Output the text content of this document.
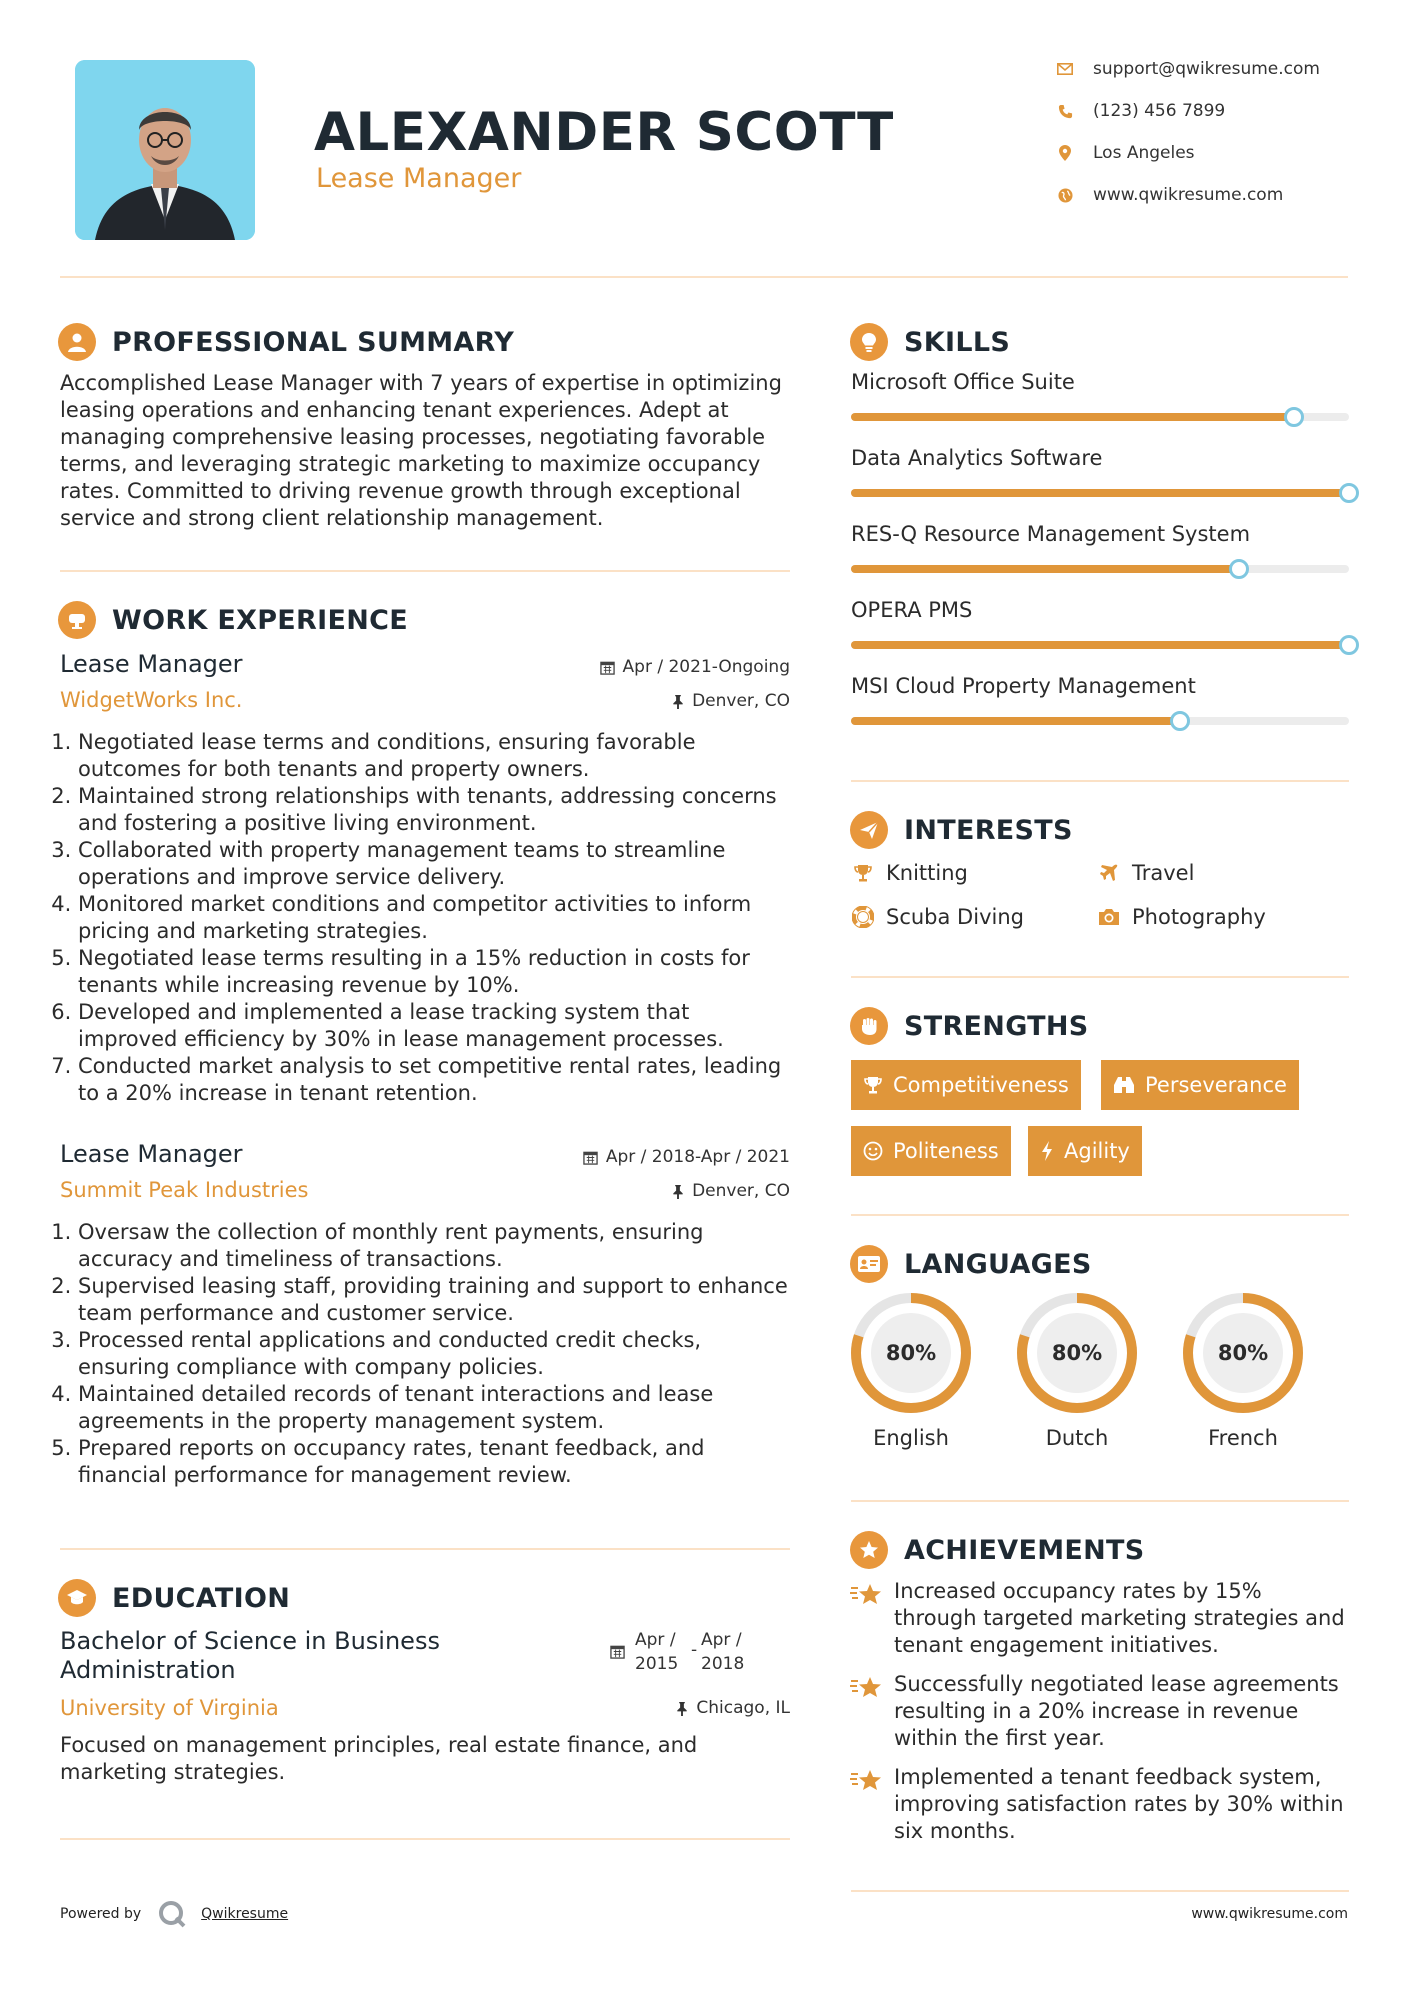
ALEXANDER SCOTT
Lease Manager
support@qwikresume.com
(123) 456 7899
Los Angeles
www.qwikresume.com
PROFESSIONAL SUMMARY
Accomplished Lease Manager with 7 years of expertise in optimizing leasing operations and enhancing tenant experiences. Adept at managing comprehensive leasing processes, negotiating favorable terms, and leveraging strategic marketing to maximize occupancy rates. Committed to driving revenue growth through exceptional service and strong client relationship management.
WORK EXPERIENCE
Lease Manager	Apr / 2021-Ongoing
WidgetWorks Inc.	Denver, CO
1. Negotiated lease terms and conditions, ensuring favorable outcomes for both tenants and property owners.
2. Maintained strong relationships with tenants, addressing concerns and fostering a positive living environment.
3. Collaborated with property management teams to streamline operations and improve service delivery.
4. Monitored market conditions and competitor activities to inform pricing and marketing strategies.
5. Negotiated lease terms resulting in a 15% reduction in costs for tenants while increasing revenue by 10%.
6. Developed and implemented a lease tracking system that improved efficiency by 30% in lease management processes.
7. Conducted market analysis to set competitive rental rates, leading to a 20% increase in tenant retention.
Lease Manager	Apr / 2018-Apr / 2021
Summit Peak Industries	Denver, CO
1. Oversaw the collection of monthly rent payments, ensuring accuracy and timeliness of transactions.
2. Supervised leasing staff, providing training and support to enhance team performance and customer service.
3. Processed rental applications and conducted credit checks, ensuring compliance with company policies.
4. Maintained detailed records of tenant interactions and lease agreements in the property management system.
5. Prepared reports on occupancy rates, tenant feedback, and financial performance for management review.
EDUCATION
Bachelor of Science in Business Administration
Apr / 2015
- Apr / 2018
University of Virginia	Chicago, IL
Focused on management principles, real estate finance, and marketing strategies.
SKILLS
Microsoft Office Suite
Data Analytics Software
RES-Q Resource Management System
OPERA PMS
MSI Cloud Property Management
INTERESTS
Knitting	Travel
Scuba Diving	Photography
STRENGTHS
Competitiveness	Perseverance
Politeness	Agility
LANGUAGES
80%
English
80%
Dutch
80%
French
ACHIEVEMENTS
Increased occupancy rates by 15% through targeted marketing strategies and tenant engagement initiatives.
Successfully negotiated lease agreements resulting in a 20% increase in revenue within the first year.
Implemented a tenant feedback system, improving satisfaction rates by 30% within six months.
Powered by	Qwikresume	www.qwikresume.com
